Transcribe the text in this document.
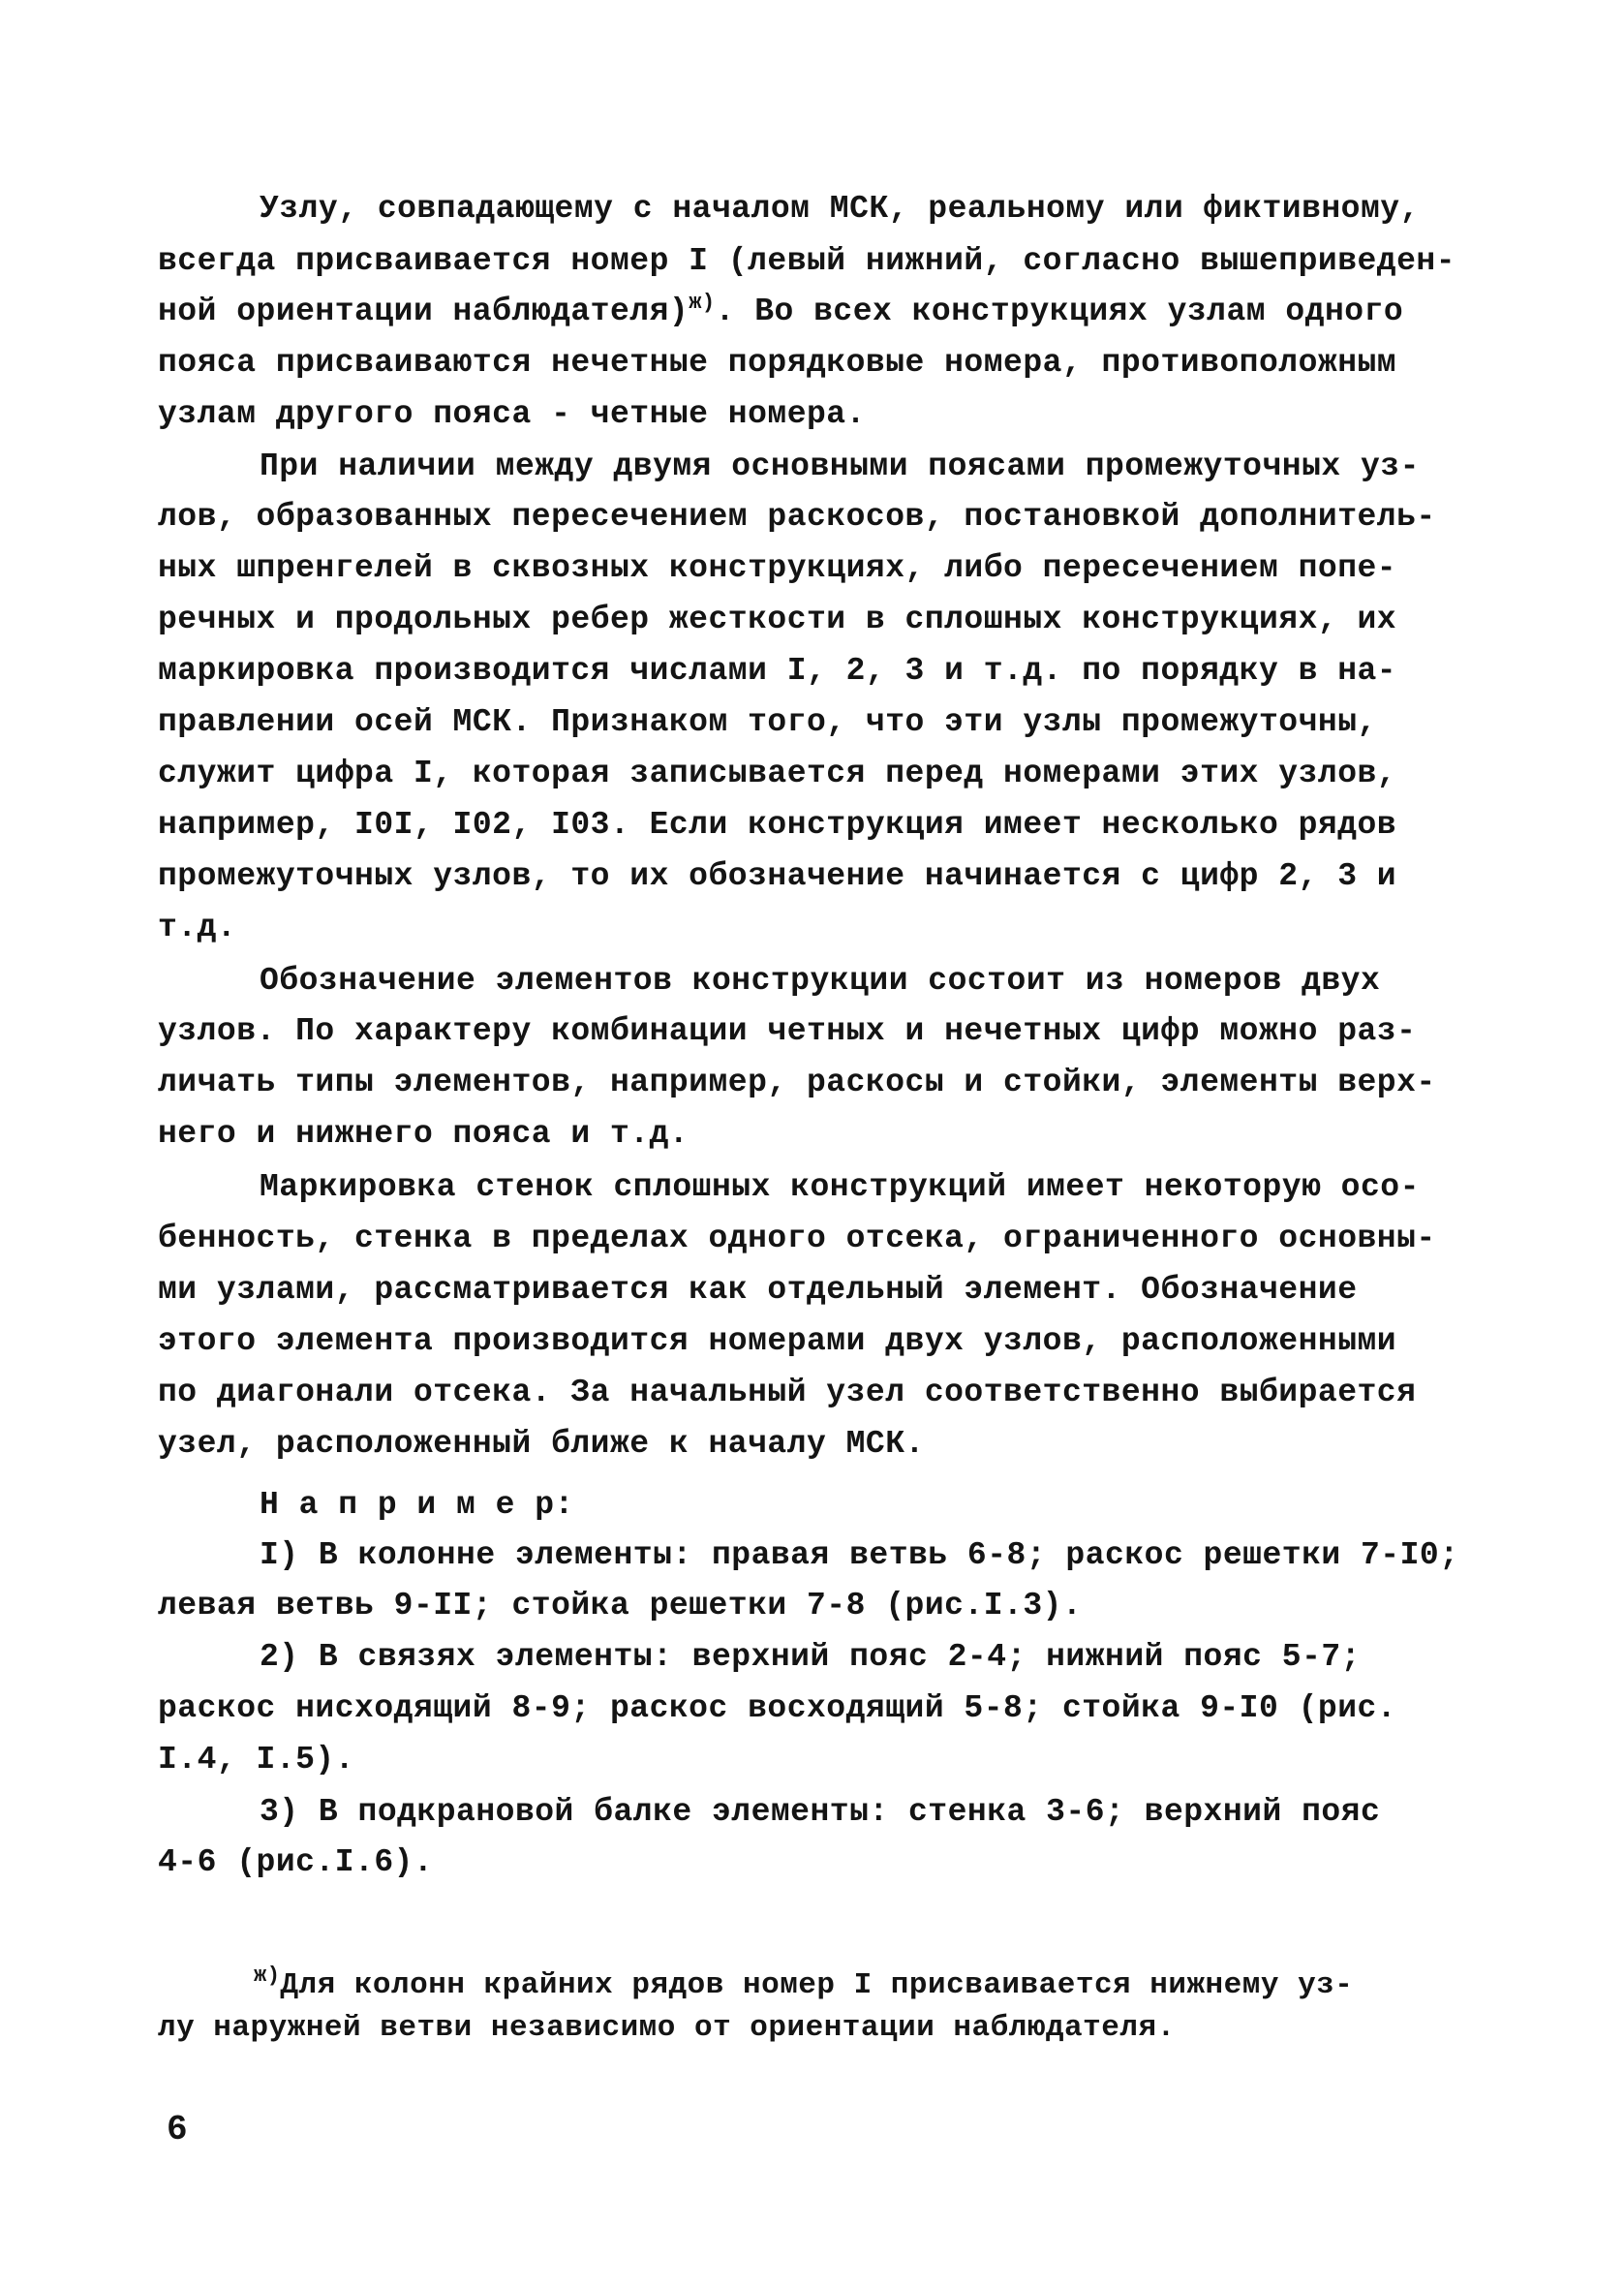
Узлу, совпадающему с началом МСК, реальному или фиктивному,
всегда присваивается номер I (левый нижний, согласно вышеприведен-
ной ориентации наблюдателя)$^{ж)}$. Во всех конструкциях узлам одного
пояса присваиваются нечетные порядковые номера, противоположным
узлам другого пояса - четные номера.
При наличии между двумя основными поясами промежуточных уз-
лов, образованных пересечением раскосов, постановкой дополнитель-
ных шпренгелей в сквозных конструкциях, либо пересечением попе-
речных и продольных ребер жесткости в сплошных конструкциях, их
маркировка производится числами I, 2, 3 и т.д. по порядку в на-
правлении осей МСК. Признаком того, что эти узлы промежуточны,
служит цифра I, которая записывается перед номерами этих узлов,
например, I0I, I02, I03. Если конструкция имеет несколько рядов
промежуточных узлов, то их обозначение начинается с цифр 2, 3 и
т.д.
Обозначение элементов конструкции состоит из номеров двух
узлов. По характеру комбинации четных и нечетных цифр можно раз-
личать типы элементов, например, раскосы и стойки, элементы верх-
него и нижнего пояса и т.д.
Маркировка стенок сплошных конструкций имеет некоторую осо-
бенность, стенка в пределах одного отсека, ограниченного основны-
ми узлами, рассматривается как отдельный элемент. Обозначение
этого элемента производится номерами двух узлов, расположенными
по диагонали отсека. За начальный узел соответственно выбирается
узел, расположенный ближе к началу МСК.
Н а п р и м е р:
I) В колонне элементы: правая ветвь 6-8; раскос решетки 7-I0;
левая ветвь 9-II; стойка решетки 7-8 (рис.I.3).
2) В связях элементы: верхний пояс 2-4; нижний пояс 5-7;
раскос нисходящий 8-9; раскос восходящий 5-8; стойка 9-I0 (рис.
I.4, I.5).
3) В подкрановой балке элементы: стенка 3-6; верхний пояс
4-6 (рис.I.6).
$^{ж)}$Для колонн крайних рядов номер I присваивается нижнему уз-
лу наружней ветви независимо от ориентации наблюдателя.
6
